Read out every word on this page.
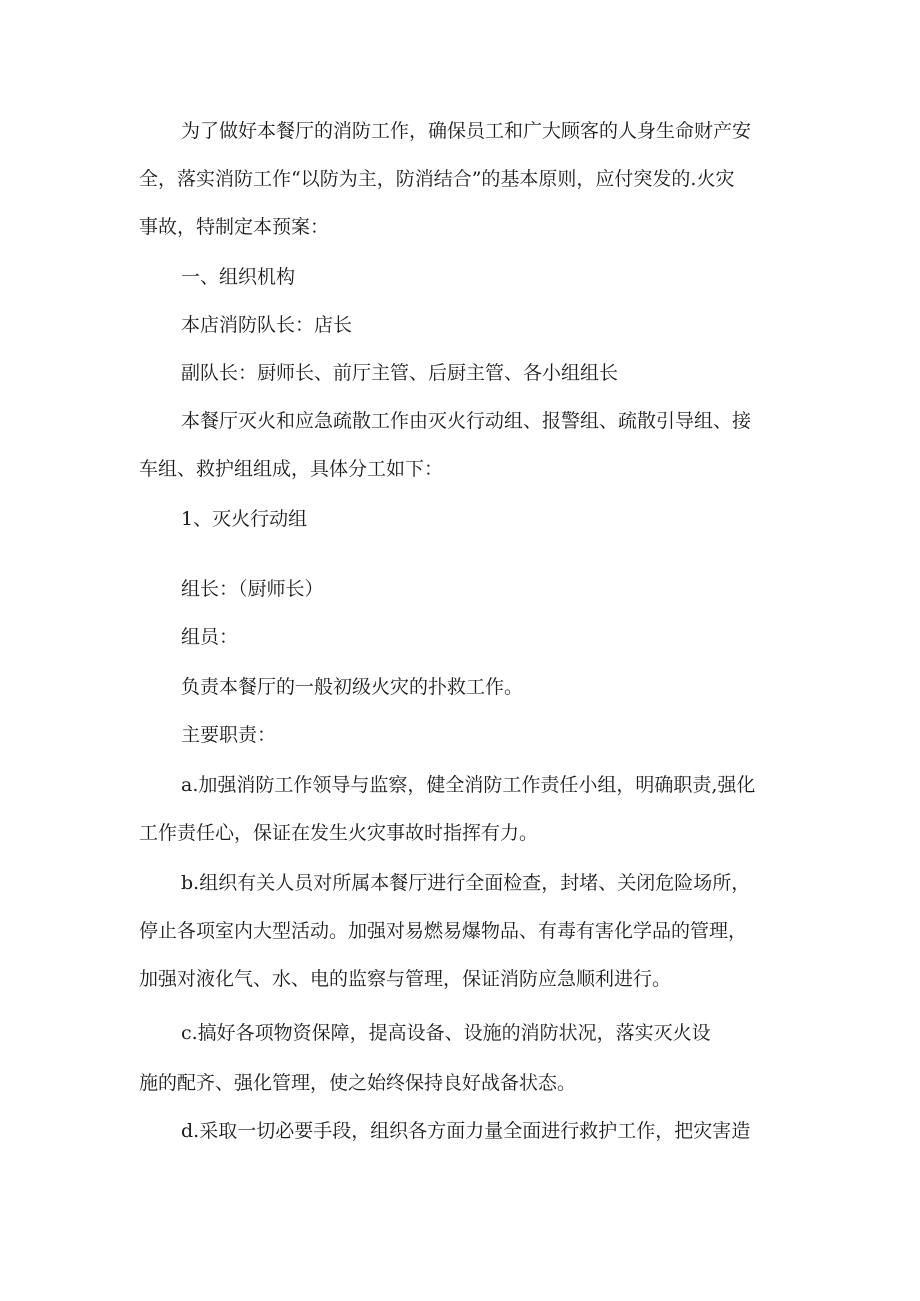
为了做好本餐厅的消防工作，确保员工和广大顾客的人身生命财产安

全，落实消防工作“以防为主，防消结合”的基本原则，应付突发的.火灾

事故，特制定本预案：

一、组织机构

本店消防队长：店长

副队长：厨师长、前厅主管、后厨主管、各小组组长

本餐厅灭火和应急疏散工作由灭火行动组、报警组、疏散引导组、接

车组、救护组组成，具体分工如下：

1、灭火行动组

组长：（厨师长）

组员：

负责本餐厅的一般初级火灾的扑救工作。

主要职责：

a.加强消防工作领导与监察，健全消防工作责任小组，明确职责,强化

工作责任心，保证在发生火灾事故时指挥有力。

b.组织有关人员对所属本餐厅进行全面检查，封堵、关闭危险场所，

停止各项室内大型活动。加强对易燃易爆物品、有毒有害化学品的管理，

加强对液化气、水、电的监察与管理，保证消防应急顺利进行。

c.搞好各项物资保障，提高设备、设施的消防状况，落实灭火设

施的配齐、强化管理，使之始终保持良好战备状态。

d.采取一切必要手段，组织各方面力量全面进行救护工作，把灾害造
